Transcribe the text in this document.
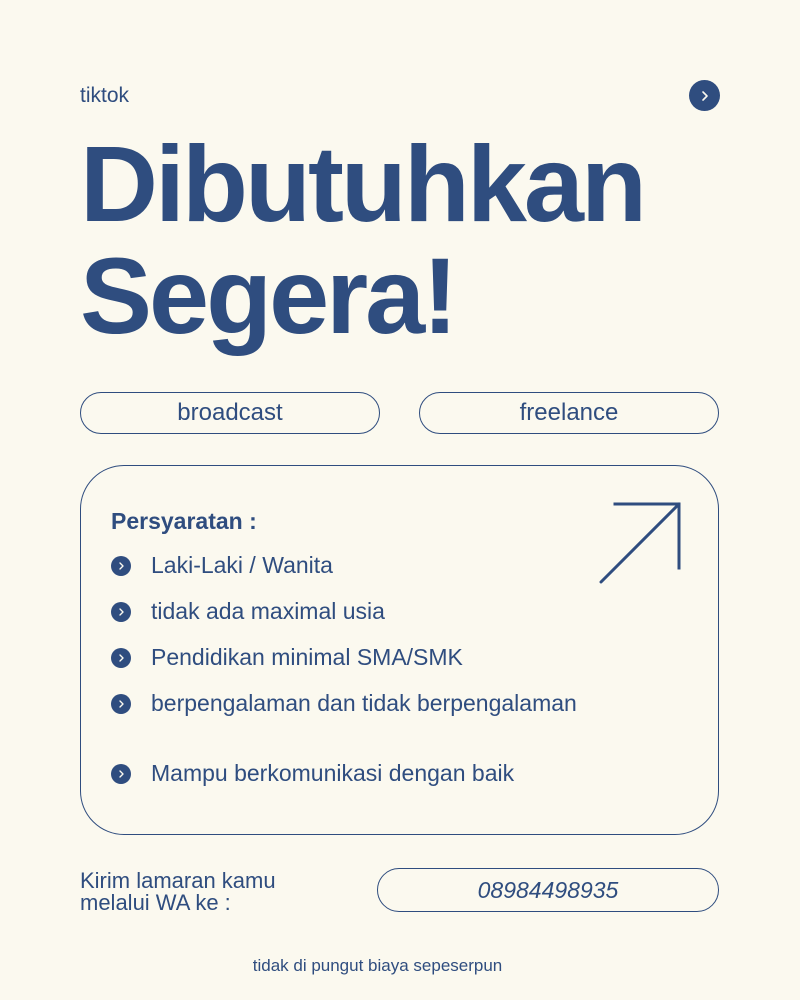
tiktok
Dibutuhkan
Segera!
broadcast	freelance
Persyaratan :
Laki-Laki / Wanita
tidak ada maximal usia
Pendidikan minimal SMA/SMK
berpengalaman dan tidak berpengalaman
Mampu berkomunikasi dengan baik
Kirim lamaran kamu
melalui WA ke :	08984498935
tidak di pungut biaya sepeserpun
